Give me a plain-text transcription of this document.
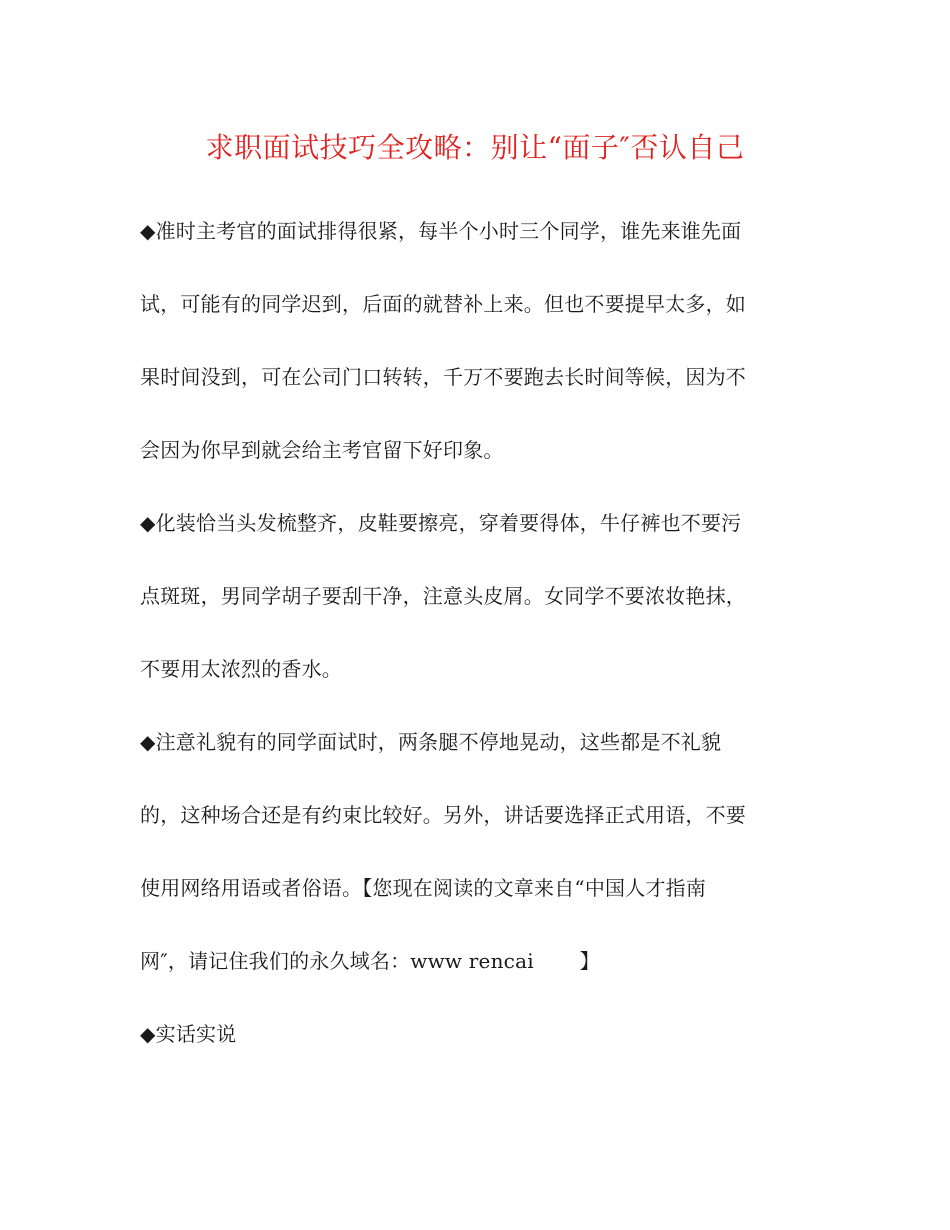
求职面试技巧全攻略：别让“面子″否认自己
◆准时主考官的面试排得很紧，每半个小时三个同学，谁先来谁先面
试，可能有的同学迟到，后面的就替补上来。但也不要提早太多，如
果时间没到，可在公司门口转转，千万不要跑去长时间等候，因为不
会因为你早到就会给主考官留下好印象。
◆化装恰当头发梳整齐，皮鞋要擦亮，穿着要得体，牛仔裤也不要污
点斑斑，男同学胡子要刮干净，注意头皮屑。女同学不要浓妆艳抹，
不要用太浓烈的香水。
◆注意礼貌有的同学面试时，两条腿不停地晃动，这些都是不礼貌
的，这种场合还是有约束比较好。另外，讲话要选择正式用语，不要
使用网络用语或者俗语。【您现在阅读的文章来自“中国人才指南
网″，请记住我们的永久域名：www rencai       】
◆实话实说
